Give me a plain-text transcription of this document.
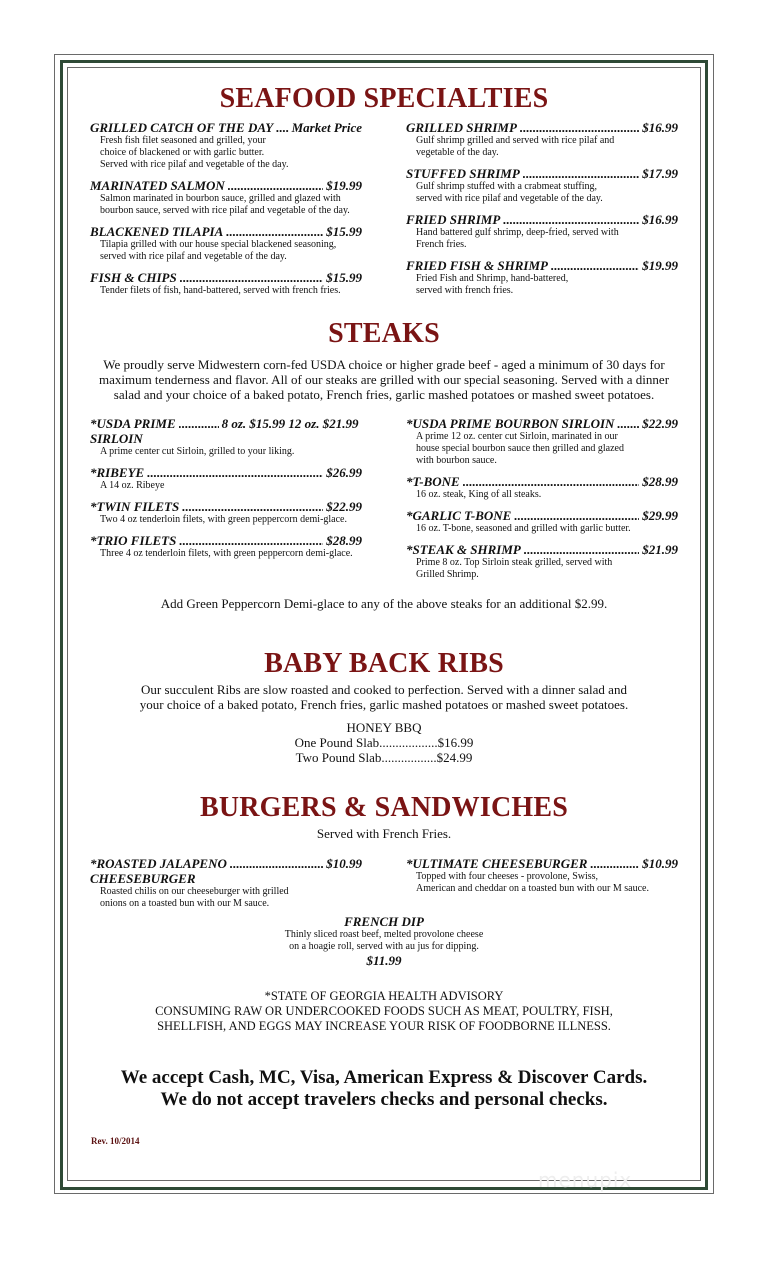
SEAFOOD SPECIALTIES
GRILLED CATCH OF THE DAY ..... Market Price
Fresh fish filet seasoned and grilled, your
choice of blackened or with garlic butter.
Served with rice pilaf and vegetable of the day.
MARINATED SALMON .....	$19.99
Salmon marinated in bourbon sauce, grilled and glazed with
bourbon sauce, served with rice pilaf and vegetable of the day.
BLACKENED TILAPIA .....	$15.99
Tilapia grilled with our house special blackened seasoning,
served with rice pilaf and vegetable of the day.
FISH & CHIPS .....	$15.99
Tender filets of fish, hand-battered, served with french fries.
GRILLED SHRIMP .....	$16.99
Gulf shrimp grilled and served with rice pilaf and
vegetable of the day.
STUFFED SHRIMP .....	$17.99
Gulf shrimp stuffed with a crabmeat stuffing,
served with rice pilaf and vegetable of the day.
FRIED SHRIMP .....	$16.99
Hand battered gulf shrimp, deep-fried, served with
French fries.
FRIED FISH & SHRIMP .....	$19.99
Fried Fish and Shrimp, hand-battered,
served with french fries.
STEAKS
We proudly serve Midwestern corn-fed USDA choice or higher grade beef - aged a minimum of 30 days for
maximum tenderness and flavor. All of our steaks are grilled with our special seasoning. Served with a dinner
salad and your choice of a baked potato, French fries, garlic mashed potatoes or mashed sweet potatoes.
*USDA PRIME .....	8 oz. $15.99 12 oz. $21.99
SIRLOIN
A prime center cut Sirloin, grilled to your liking.
*RIBEYE .....	$26.99
A 14 oz. Ribeye
*TWIN FILETS .....	$22.99
Two 4 oz tenderloin filets, with green peppercorn demi-glace.
*TRIO FILETS .....	$28.99
Three 4 oz tenderloin filets, with green peppercorn demi-glace.
*USDA PRIME BOURBON SIRLOIN ..... $22.99
A prime 12 oz. center cut Sirloin, marinated in our
house special bourbon sauce then grilled and glazed
with bourbon sauce.
*T-BONE .....	$28.99
16 oz. steak, King of all steaks.
*GARLIC T-BONE .....	$29.99
16 oz. T-bone, seasoned and grilled with garlic butter.
*STEAK & SHRIMP .....	$21.99
Prime 8 oz. Top Sirloin steak grilled, served with
Grilled Shrimp.
Add Green Peppercorn Demi-glace to any of the above steaks for an additional $2.99.
BABY BACK RIBS
Our succulent Ribs are slow roasted and cooked to perfection. Served with a dinner salad and
your choice of a baked potato, French fries, garlic mashed potatoes or mashed sweet potatoes.
HONEY BBQ
One Pound Slab..................$16.99
Two Pound Slab.................$24.99
BURGERS & SANDWICHES
Served with French Fries.
*ROASTED JALAPENO .....	$10.99
CHEESEBURGER
Roasted chilis on our cheeseburger with grilled
onions on a toasted bun with our M sauce.
*ULTIMATE CHEESEBURGER .....	$10.99
Topped with four cheeses - provolone, Swiss,
American and cheddar on a toasted bun with our M sauce.
FRENCH DIP
Thinly sliced roast beef, melted provolone cheese
on a hoagie roll, served with au jus for dipping.
$11.99
*STATE OF GEORGIA HEALTH ADVISORY
CONSUMING RAW OR UNDERCOOKED FOODS SUCH AS MEAT, POULTRY, FISH,
SHELLFISH, AND EGGS MAY INCREASE YOUR RISK OF FOODBORNE ILLNESS.
We accept Cash, MC, Visa, American Express & Discover Cards.
We do not accept travelers checks and personal checks.
Rev. 10/2014
menupix
